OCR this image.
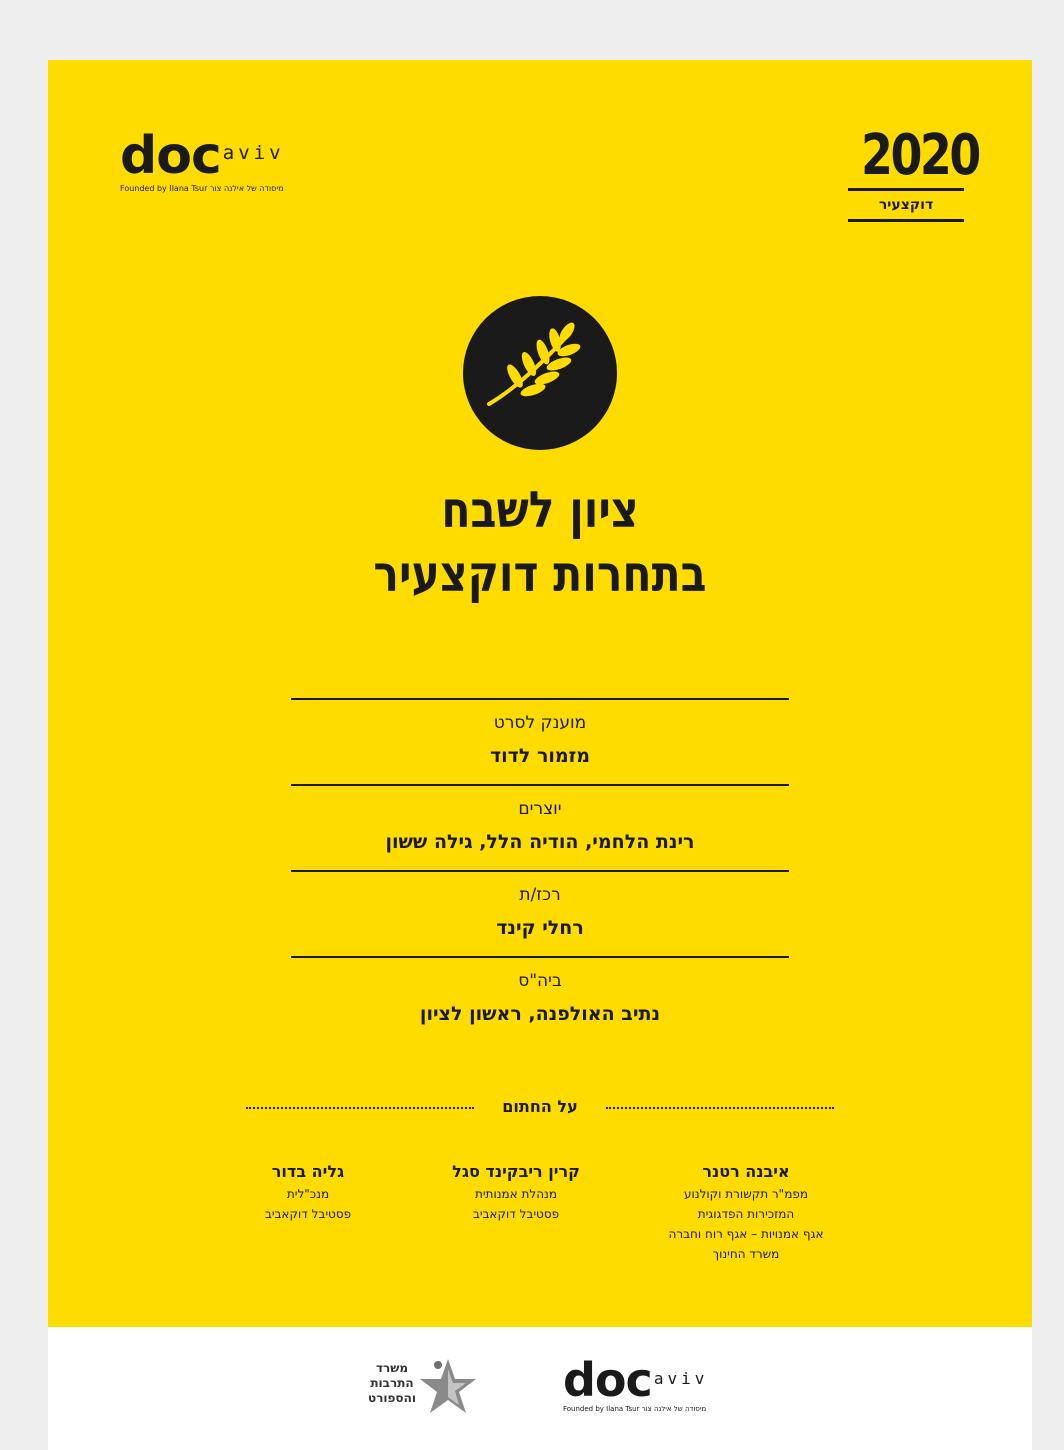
doc aviv
Founded by Ilana Tsur מיסודה של אילנה צור
2020
דוקצעיר
ציון לשבח
בתחרות דוקצעיר
מוענק לסרט
מזמור לדוד
יוצרים
רינת הלחמי, הודיה הלל, גילה ששון
רכז/ת
רחלי קינד
ביה"ס
נתיב האולפנה, ראשון לציון
על החתום
איבנה רטנר
מפמ"ר תקשורת וקולנוע
המזכירות הפדגוגית
אגף אמנויות – אגף רוח וחברה
משרד החינוך
קרין ריבקינד סגל
מנהלת אמנותית
פסטיבל דוקאביב
גליה בדור
מנכ"לית
פסטיבל דוקאביב
משרד
התרבות
והספורט	doc aviv
Founded by Ilana Tsur מיסודה של אילנה צור
